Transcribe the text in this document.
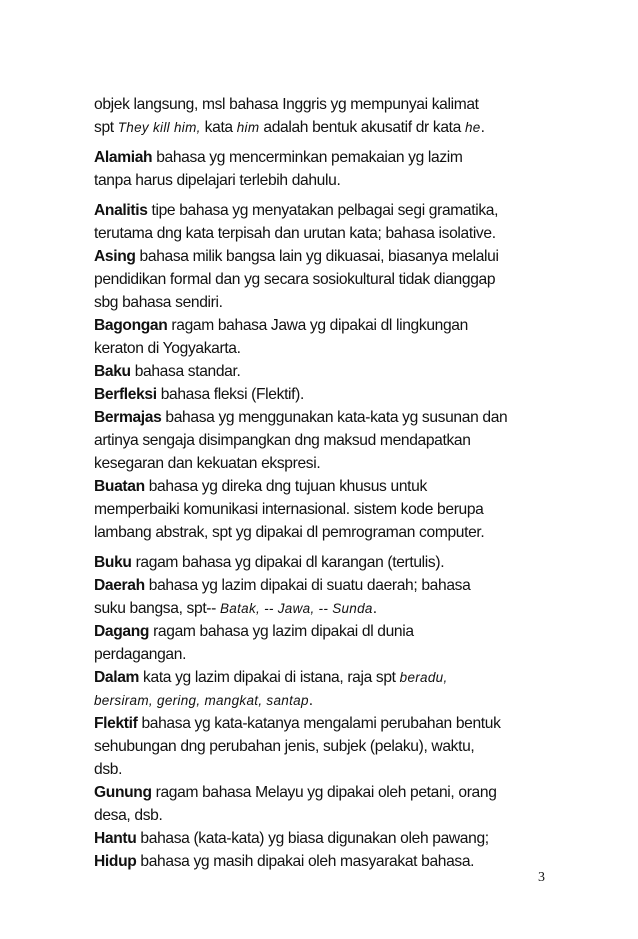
objek langsung, msl bahasa Inggris yg mempunyai kalimat
spt They kill him, kata him adalah bentuk akusatif dr kata he.

Alamiah bahasa yg mencerminkan pemakaian yg lazim
tanpa harus dipelajari terlebih dahulu.

Analitis tipe bahasa yg menyatakan pelbagai segi gramatika,
terutama dng kata terpisah dan urutan kata; bahasa isolative.

Asing bahasa milik bangsa lain yg dikuasai, biasanya melalui
pendidikan formal dan yg secara sosiokultural tidak dianggap
sbg bahasa sendiri.

Bagongan ragam bahasa Jawa yg dipakai dl lingkungan
keraton di Yogyakarta.

Baku bahasa standar.

Berfleksi bahasa fleksi (Flektif).

Bermajas bahasa yg menggunakan kata-kata yg susunan dan
artinya sengaja disimpangkan dng maksud mendapatkan
kesegaran dan kekuatan ekspresi.

Buatan bahasa yg direka dng tujuan khusus untuk
memperbaiki komunikasi internasional. sistem kode berupa
lambang abstrak, spt yg dipakai dl pemrograman computer.

Buku ragam bahasa yg dipakai dl karangan (tertulis).

Daerah bahasa yg lazim dipakai di suatu daerah; bahasa
suku bangsa, spt-- Batak, -- Jawa, -- Sunda.

Dagang ragam bahasa yg lazim dipakai dl dunia
perdagangan.

Dalam kata yg lazim dipakai di istana, raja spt beradu,
bersiram, gering, mangkat, santap.

Flektif bahasa yg kata-katanya mengalami perubahan bentuk
sehubungan dng perubahan jenis, subjek (pelaku), waktu,
dsb.

Gunung ragam bahasa Melayu yg dipakai oleh petani, orang
desa, dsb.

Hantu bahasa (kata-kata) yg biasa digunakan oleh pawang;

Hidup bahasa yg masih dipakai oleh masyarakat bahasa.

3
